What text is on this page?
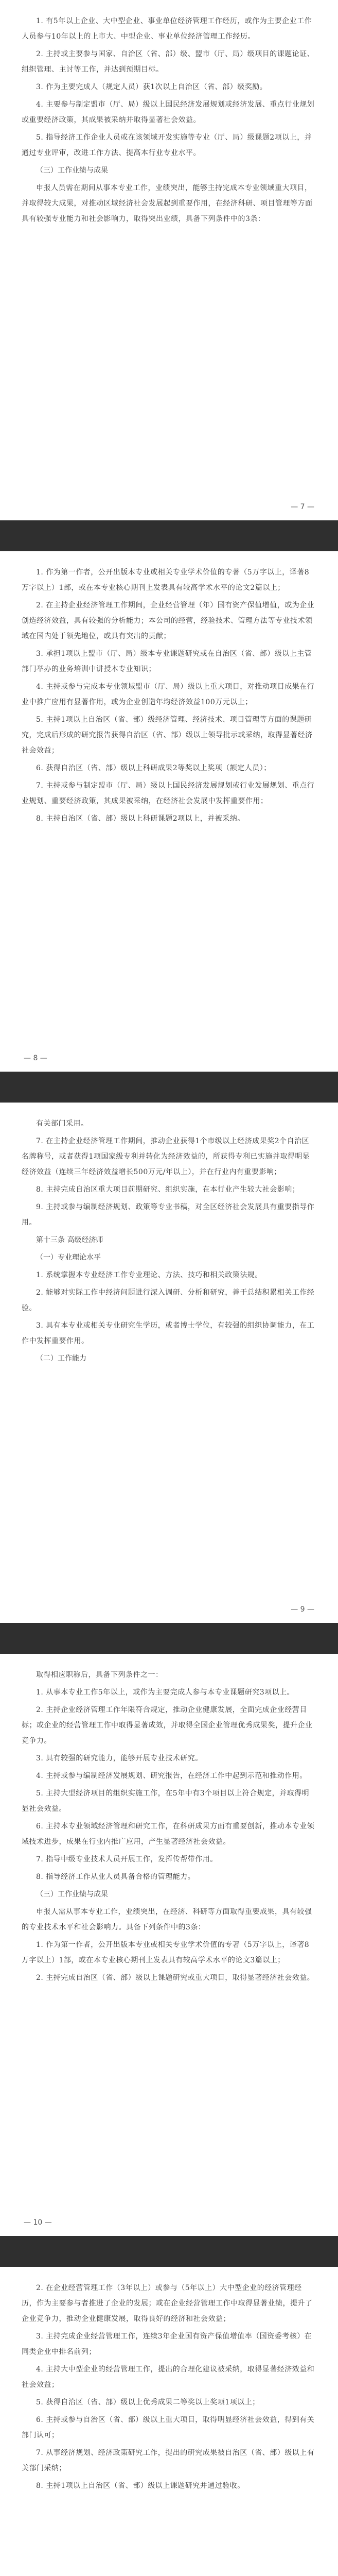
1. 有5年以上企业、大中型企业、事业单位经济管理工作经历，或作为主要企业工作人员参与10年以上的上市大、中型企业、事业单位经济管理工作经历。

2. 主持或主要参与国家、自治区（省、部）级、盟市（厅、局）级项目的课题论证、组织管理、主讨等工作，并达到预期目标。

3. 作为主要完成人（规定人员）获1次以上自治区（省、部）级奖励。

4. 主要参与制定盟市（厅、局）级以上国民经济发展规划或经济发展、重点行业规划或重要经济政策，其成果被采纳并取得显著社会效益。

5. 指导经济工作企业人员或在该领域开发实施等专业（厅、局）级课题2项以上，并通过专业评审，改进工作方法、提高本行业专业水平。

（三）工作业绩与成果

申报人员需在期间从事本专业工作，业绩突出，能够主持完成本专业领域重大项目，并取得较大成果，对推动区域经济社会发展起到重要作用，在经济科研、项目管理等方面具有较强专业能力和社会影响力，取得突出业绩，具备下列条件中的3条：

— 7 —

1. 作为第一作者，公开出版本专业或相关专业学术价值的专著（5万字以上，译著8万字以上）1部，或在本专业核心期刊上发表具有较高学术水平的论文2篇以上；

2. 在主持企业经济管理工作期间，企业经营管理（年）国有资产保值增值，或为企业创造经济效益，具有较强的分析能力；本公司的经营，经验技术、管理方法等专业技术领域在国内处于领先地位，或具有突出的贡献；

3. 承担1项以上盟市（厅、局）级本专业课题研究或在自治区（省、部）级以上主管部门举办的业务培训中讲授本专业知识；

4. 主持或参与完成本专业领域盟市（厅、局）级以上重大项目，对推动项目成果在行业中推广应用有显著作用，或为企业创造年均经济效益100万元以上；

5. 主持1项以上自治区（省、部）级经济管理、经济技术、项目管理等方面的课题研究，完成后形成的研究报告获得自治区（省、部）级以上领导批示或采纳，取得显著经济社会效益；

6. 获得自治区（省、部）级以上科研成果2等奖以上奖项（额定人员）；

7. 主持或参与制定盟市（厅、局）级以上国民经济发展规划或行业发展规划、重点行业规划、重要经济政策，其成果被采纳，在经济社会发展中发挥重要作用；

8. 主持自治区（省、部）级以上科研课题2项以上，并被采纳。

— 8 —

有关部门采用。

7. 在主持企业经济管理工作期间，推动企业获得1个市级以上经济成果奖2个自治区名牌称号，或者获得1项国家级专利并转化为经济效益的，所获得专利已实施并取得明显经济效益（连续三年经济效益增长500万元/年以上），并在行业内有重要影响；

8. 主持完成自治区重大项目前期研究、组织实施，在本行业产生较大社会影响；

9. 主持或参与编制经济规划、政策等专业书稿，对全区经济社会发展具有重要指导作用。

第十三条 高级经济师

（一）专业理论水平

1. 系统掌握本专业经济工作专业理论、方法、技巧和相关政策法规。

2. 能够对实际工作中经济问题进行深入调研、分析和研究，善于总结积累相关工作经验。

3. 具有本专业或相关专业研究生学历，或者博士学位，有较强的组织协调能力，在工作中发挥重要作用。

（二）工作能力

— 9 —

取得相应职称后，具备下列条件之一：

1. 从事本专业工作5年以上，或作为主要完成人参与本专业课题研究3项以上。

2. 主持企业经济管理工作年限符合规定，推动企业健康发展，全面完成企业经营目标；或企业的经营管理工作中取得显著成效，并取得全国企业管理优秀成果奖，提升企业竞争力。

3. 具有较强的研究能力，能够开展专业技术研究。

4. 主持或参与编制经济发展规划、研究报告，在经济工作中起到示范和推动作用。

5. 主持大型经济项目的组织实施工作，在5年中有3个项目以上符合规定，并取得明显社会效益。

6. 主持本专业领域经济管理和研究工作，在科研成果方面有重要创新，推动本专业领域技术进步，成果在行业内推广应用，产生显著经济社会效益。

7. 指导中级专业技术人员开展工作，发挥传帮带作用。

8. 指导经济工作从业人员具备合格的管理能力。

（三）工作业绩与成果

申报人需从事本专业工作，业绩突出，在经济、科研等方面取得重要成果，具有较强的专业技术水平和社会影响力。具备下列条件中的3条：

1. 作为第一作者，公开出版本专业或相关专业学术价值的专著（5万字以上，译著8万字以上）1部，或在本专业核心期刊上发表具有较高学术水平的论文3篇以上；

2. 主持完成自治区（省、部）级以上课题研究或重大项目，取得显著经济社会效益。

— 10 —

2. 在企业经营管理工作（3年以上）或参与（5年以上）大中型企业的经济管理经历，作为主要参与者推进了企业的发展；或在企业经营管理工作中取得显著业绩，提升了企业竞争力，推动企业健康发展，取得良好的经济和社会效益；

3. 主持完成企业经营管理工作，连续3年企业国有资产保值增值率（国资委考核）在同类企业中排名前列；

4. 主持大中型企业的经营管理工作，提出的合理化建议被采纳，取得显著经济效益和社会效益；

5. 获得自治区（省、部）级以上优秀成果二等奖以上奖项1项以上；

6. 主持或参与自治区（省、部）级以上重大项目，取得明显经济社会效益，得到有关部门认可；

7. 从事经济规划、经济政策研究工作，提出的研究成果被自治区（省、部）级以上有关部门采纳；

8. 主持1项以上自治区（省、部）级以上课题研究并通过验收。
